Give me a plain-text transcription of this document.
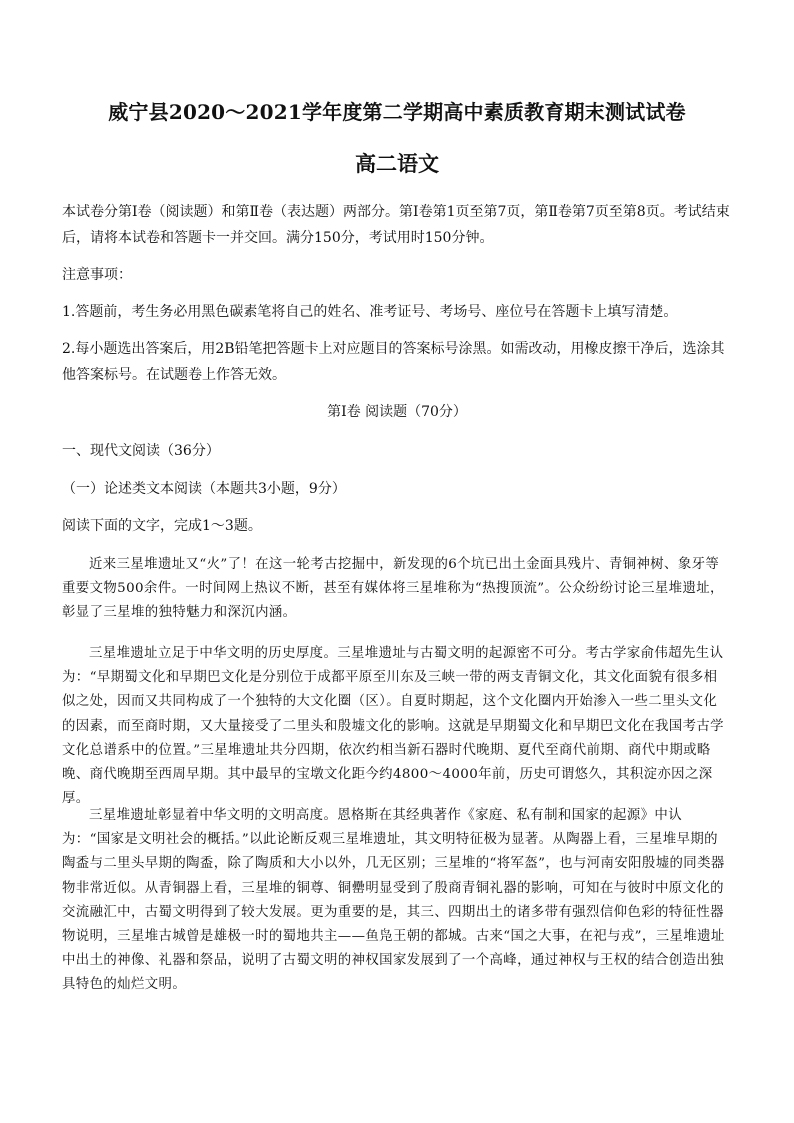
威宁县2020～2021学年度第二学期高中素质教育期末测试试卷
高二语文
本试卷分第Ⅰ卷（阅读题）和第Ⅱ卷（表达题）两部分。第Ⅰ卷第1页至第7页，第Ⅱ卷第7页至第8页。考试结束后，请将本试卷和答题卡一并交回。满分150分，考试用时150分钟。
注意事项：
1.答题前，考生务必用黑色碳素笔将自己的姓名、准考证号、考场号、座位号在答题卡上填写清楚。
2.每小题选出答案后，用2B铅笔把答题卡上对应题目的答案标号涂黑。如需改动，用橡皮擦干净后，选涂其他答案标号。在试题卷上作答无效。
第Ⅰ卷 阅读题（70分）
一、现代文阅读（36分）
（一）论述类文本阅读（本题共3小题，9分）
阅读下面的文字，完成1～3题。
近来三星堆遗址又“火”了！在这一轮考古挖掘中，新发现的6个坑已出土金面具残片、青铜神树、象牙等重要文物500余件。一时间网上热议不断，甚至有媒体将三星堆称为“热搜顶流”。公众纷纷讨论三星堆遗址，彰显了三星堆的独特魅力和深沉内涵。
三星堆遗址立足于中华文明的历史厚度。三星堆遗址与古蜀文明的起源密不可分。考古学家俞伟超先生认为：“早期蜀文化和早期巴文化是分别位于成都平原至川东及三峡一带的两支青铜文化，其文化面貌有很多相似之处，因而又共同构成了一个独特的大文化圈（区）。自夏时期起，这个文化圈内开始渗入一些二里头文化的因素，而至商时期，又大量接受了二里头和殷墟文化的影响。这就是早期蜀文化和早期巴文化在我国考古学文化总谱系中的位置。”三星堆遗址共分四期，依次约相当新石器时代晚期、夏代至商代前期、商代中期或略晚、商代晚期至西周早期。其中最早的宝墩文化距今约4800～4000年前，历史可谓悠久，其积淀亦因之深厚。
三星堆遗址彰显着中华文明的文明高度。恩格斯在其经典著作《家庭、私有制和国家的起源》中认为：“国家是文明社会的概括。”以此论断反观三星堆遗址，其文明特征极为显著。从陶器上看，三星堆早期的陶盉与二里头早期的陶盉，除了陶质和大小以外，几无区别；三星堆的“将军盔”，也与河南安阳殷墟的同类器物非常近似。从青铜器上看，三星堆的铜尊、铜罍明显受到了殷商青铜礼器的影响，可知在与彼时中原文化的交流融汇中，古蜀文明得到了较大发展。更为重要的是，其三、四期出土的诸多带有强烈信仰色彩的特征性器物说明，三星堆古城曾是雄极一时的蜀地共主——鱼凫王朝的都城。古来“国之大事，在祀与戎”，三星堆遗址中出土的神像、礼器和祭品，说明了古蜀文明的神权国家发展到了一个高峰，通过神权与王权的结合创造出独具特色的灿烂文明。
